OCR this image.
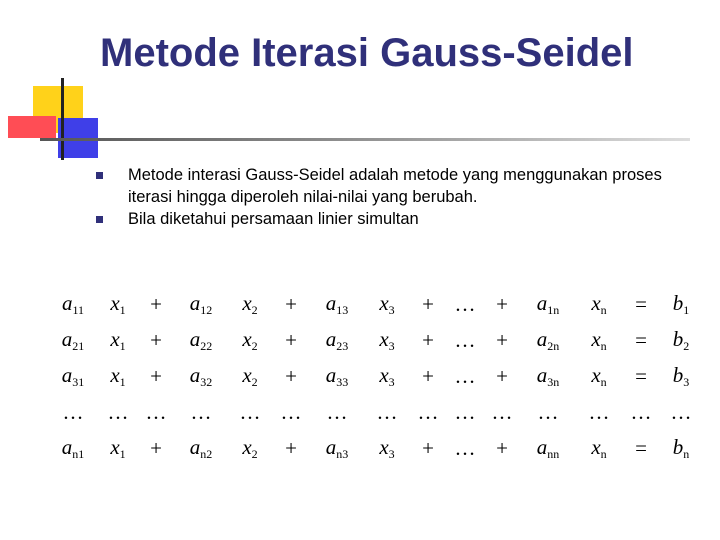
Metode Iterasi Gauss-Seidel
Metode interasi Gauss-Seidel adalah metode yang menggunakan proses iterasi hingga diperoleh nilai-nilai yang berubah.
Bila diketahui persamaan linier simultan
$a_{11}$	$x_1$	+	$a_{12}$	$x_2$	+	$a_{13}$	$x_3$	+	…	+	$a_{1n}$	$x_n$	=	$b_1$
$a_{21}$	$x_1$	+	$a_{22}$	$x_2$	+	$a_{23}$	$x_3$	+	…	+	$a_{2n}$	$x_n$	=	$b_2$
$a_{31}$	$x_1$	+	$a_{32}$	$x_2$	+	$a_{33}$	$x_3$	+	…	+	$a_{3n}$	$x_n$	=	$b_3$
…	…	…	…	…	…	…	…	…	…	…	…	…	…	…
$a_{n1}$	$x_1$	+	$a_{n2}$	$x_2$	+	$a_{n3}$	$x_3$	+	…	+	$a_{nn}$	$x_n$	=	$b_n$
